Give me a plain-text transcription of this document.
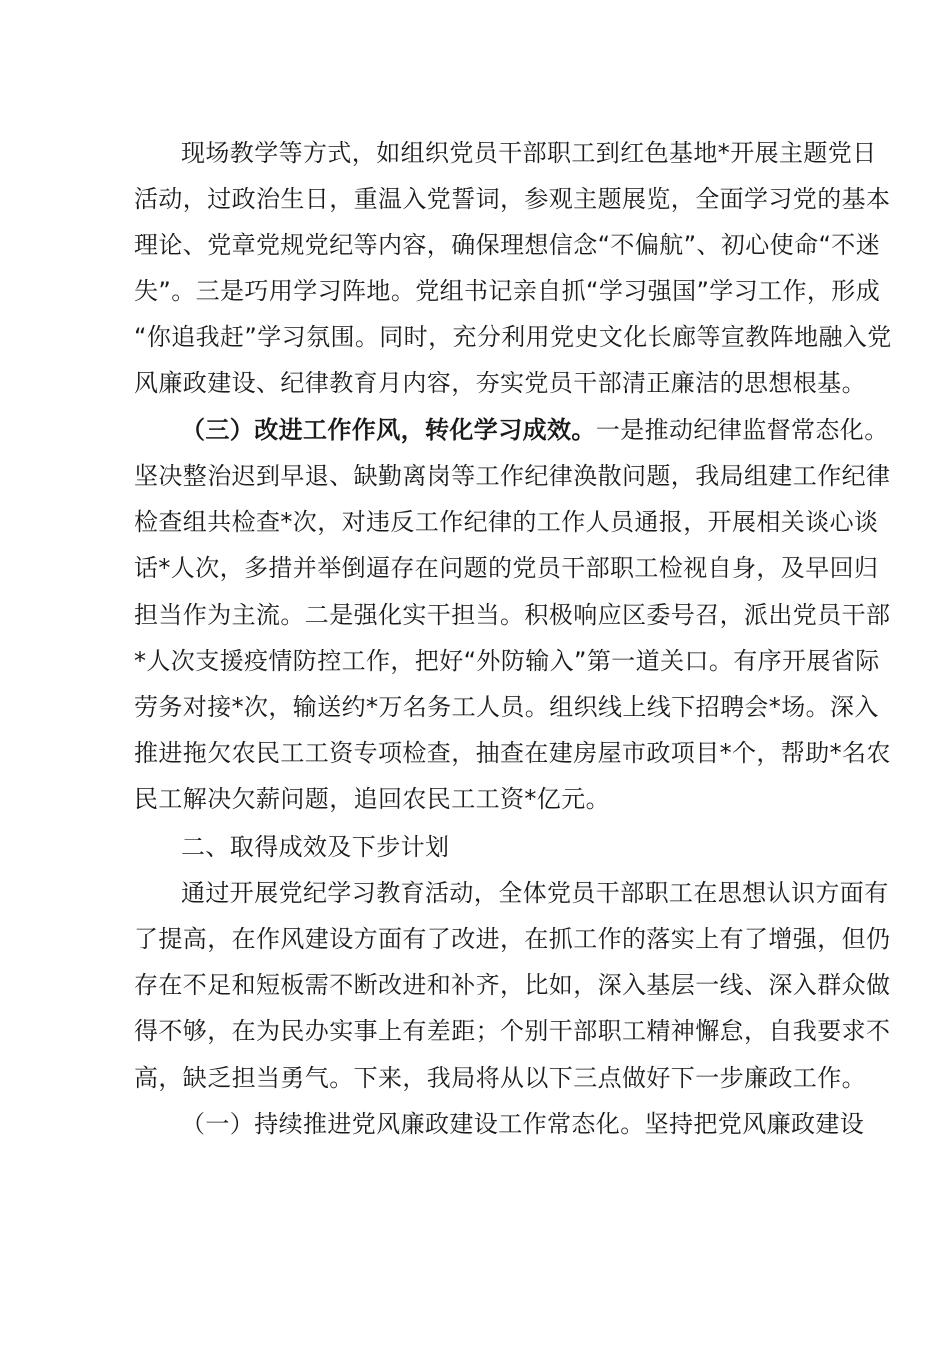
现场教学等方式，如组织党员干部职工到红色基地*开展主题党日
活动，过政治生日，重温入党誓词，参观主题展览，全面学习党的基本
理论、党章党规党纪等内容，确保理想信念“不偏航”、初心使命“不迷
失”。三是巧用学习阵地。党组书记亲自抓“学习强国”学习工作，形成
“你追我赶”学习氛围。同时，充分利用党史文化长廊等宣教阵地融入党
风廉政建设、纪律教育月内容，夯实党员干部清正廉洁的思想根基。
（三）改进工作作风，转化学习成效。一是推动纪律监督常态化。
坚决整治迟到早退、缺勤离岗等工作纪律涣散问题，我局组建工作纪律
检查组共检查*次，对违反工作纪律的工作人员通报，开展相关谈心谈
话*人次，多措并举倒逼存在问题的党员干部职工检视自身，及早回归
担当作为主流。二是强化实干担当。积极响应区委号召，派出党员干部
*人次支援疫情防控工作，把好“外防输入”第一道关口。有序开展省际
劳务对接*次，输送约*万名务工人员。组织线上线下招聘会*场。深入
推进拖欠农民工工资专项检查，抽查在建房屋市政项目*个，帮助*名农
民工解决欠薪问题，追回农民工工资*亿元。
二、取得成效及下步计划
通过开展党纪学习教育活动，全体党员干部职工在思想认识方面有
了提高，在作风建设方面有了改进，在抓工作的落实上有了增强，但仍
存在不足和短板需不断改进和补齐，比如，深入基层一线、深入群众做
得不够，在为民办实事上有差距；个别干部职工精神懈怠，自我要求不
高，缺乏担当勇气。下来，我局将从以下三点做好下一步廉政工作。
（一）持续推进党风廉政建设工作常态化。坚持把党风廉政建设
